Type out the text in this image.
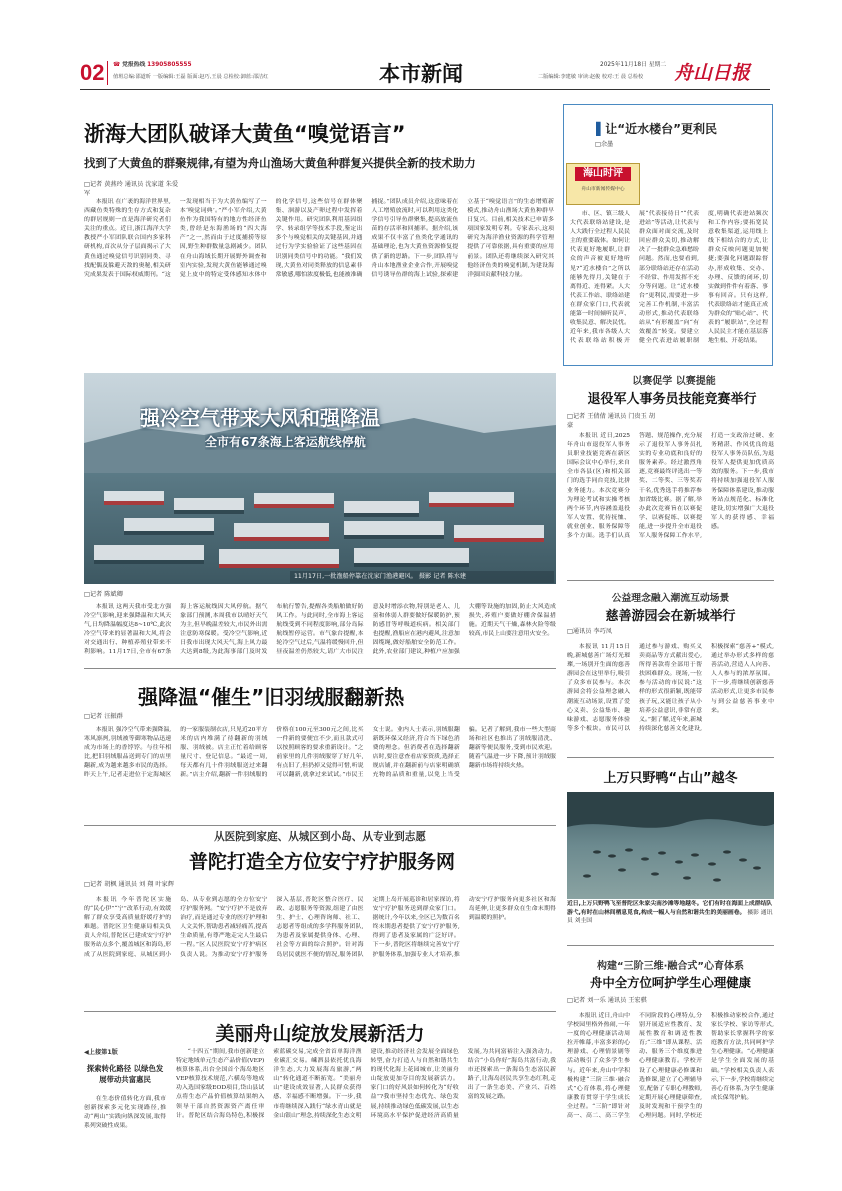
02 ☎ 党报热线 13905805555
值班总编:邵道昕 一版编辑:王磊 版面:赵巧,王晨 总检校:卸蓝:邵洁红	本市新闻	2025年11月18日 星期二
二版编辑:李建敏 审读:赵俊 校对:王 晨 总检校	舟山日报
浙海大团队破译大黄鱼“嗅觉语言”
找到了大黄鱼的群聚规律,有望为舟山渔场大黄鱼种群复兴提供全新的技术助力
□记者 黄燕玲 通讯员 沈家道 朱爱军

本报讯 在广袤的海洋世界里,西藏鱼类特殊的生存方式和复杂的群居规则一直是海洋研究者们关注的重点。近日,浙江海洋大学教授严小军团队联合国内多家科研机构,首次从分子层面揭示了大黄鱼通过嗅觉信号识别同类、寻找配偶及躲避天敌的奥秘,相关研究成果发表于国际权威期刊。“这一发现相当于为大黄鱼编写了一本‘嗅觉词典’。”严小军介绍,大黄鱼作为我国特有的地方性经济鱼类,曾经是东海渔场的“四大海产”之一,然而由于过度捕捞等原因,野生种群数量急剧减少。团队在舟山海域长期开展野外调查和室内实验,发现大黄鱼能够通过嗅觉上皮中的特定受体感知水体中的化学信号,这些信号在群体聚集、洄游以及产卵过程中发挥着关键作用。研究团队利用基因组学、转录组学等技术手段,鉴定出多个与嗅觉相关的关键基因,并通过行为学实验验证了这些基因在识别同类信号中的功能。“我们发现,大黄鱼对同类释放的信息素非常敏感,哪怕浓度极低,也能被准确捕捉。”团队成员介绍,这意味着在人工增殖放流时,可以利用这类化学信号引导鱼群聚集,提高放流鱼苗的存活率和回捕率。据介绍,该成果不仅丰富了鱼类化学通讯的基础理论,也为大黄鱼资源修复提供了新的思路。下一步,团队将与舟山本地渔业企业合作,开展嗅觉信号诱导鱼群的海上试验,探索建立基于“嗅觉语言”的生态增殖新模式,推动舟山渔场大黄鱼种群早日复兴。目前,相关技术已申请多项国家发明专利。专家表示,这项研究为海洋渔业资源的科学管理提供了可靠依据,具有重要的应用前景。团队还将继续深入研究其他经济鱼类的嗅觉机制,为建设海洋强国贡献科技力量。

▌让“近水楼台”更利民
□余墨
海山时评
舟山市新闻传媒中心

市、区、镇三级人大代表联络站建设,是人大践行全过程人民民主的重要载体。如何让代表更好地履职,让群众的声音被更好地听见?“近水楼台”之所以能够先得月,关键在于离得近、连得紧。人大代表工作站、联络站建在群众家门口,代表就能第一时间倾听民声、收集民意、解决民忧。近年来,我市各级人大代表联络站积极开展“代表接待日”“代表进站”等活动,让代表与群众面对面交流,及时回应群众关切,推动解决了一批群众急难愁盼问题。然而,也要看到,部分联络站还存在活动不经常、作用发挥不充分等问题。让“近水楼台”更利民,需要进一步完善工作机制,丰富活动形式,推动代表联络站从“有形覆盖”向“有效覆盖”转变。要建立健全代表进站履职制度,明确代表进站频次和工作内容;要拓宽民意收集渠道,运用线上线下相结合的方式,让群众反映问题更加便捷;要强化问题跟踪督办,形成收集、交办、办理、反馈的闭环,切实做到件件有着落、事事有回音。只有这样,代表联络站才能真正成为群众的“贴心站”、代表的“履职站”,全过程人民民主才能在基层落地生根、开花结果。

强冷空气带来大风和强降温
全市有67条海上客运航线停航
11月17日,一批渔船停靠在沈家门渔港避风。 摄影 记者 陈水建
□记者 陈斌卿

本报讯 这两天我市受北方强冷空气影响,迎来强降温和大风天气,日均降温幅度达8~10℃,此次冷空气带来的显著温和大风,将会对交通出行、种植养殖业带来不利影响。11月17日,全市有67条海上客运航线因大风停航。据气象部门预测,本周我市以晴好天气为主,但早晚温差较大,市民外出需注意防寒保暖。受冷空气影响,近日我市出现大风天气,海上风力最大达到8级,为此海事部门及时发布航行警告,提醒各类船舶做好防风工作。与此同时,全市海上客运航线受到不同程度影响,部分岛际航线暂停运营。市气象台提醒,本轮冷空气过后,气温将缓慢回升,但昼夜温差仍然较大,请广大市民注意及时增添衣物,特别是老人、儿童和体弱人群要做好保暖防护,预防感冒等呼吸道疾病。相关部门也提醒,渔船应在港内避风,注意加固缆绳,做好船舶安全防范工作。此外,农业部门建议,种植户应加强大棚等设施的加固,防止大风造成损失,养殖户要做好棚舍保温措施。近期天气干燥,森林火险等级较高,市民上山要注意用火安全。

以赛促学 以赛提能
退役军人事务员技能竞赛举行
□记者 王倩倩 通讯员 门贵玉 胡豪

本报讯 近日,2025年舟山市退役军人事务员职业技能竞赛在新区国际会议中心举行,来自全市各县(区)和相关部门的选手同台竞技,比拼业务能力。本次竞赛分为理论考试和实操考核两个环节,内容涵盖退役军人安置、优待抚恤、就业创业、服务保障等多个方面。选手们认真答题、规范操作,充分展示了退役军人事务员扎实的专业功底和良好的服务素养。经过激烈角逐,竞赛最终评选出一等奖、二等奖、三等奖若干名,优秀选手将推荐参加省级比赛。据了解,举办此次竞赛旨在以赛促学、以赛促练、以赛提能,进一步提升全市退役军人服务保障工作水平,打造一支政治过硬、业务精湛、作风优良的退役军人事务员队伍,为退役军人提供更加优质高效的服务。下一步,我市将持续加强退役军人服务保障体系建设,推动服务站点规范化、标准化建设,切实增强广大退役军人的获得感、幸福感。

公益理念融入潮流互动场景
慈善游园会在新城举行
□通讯员 李巧凤

本报讯 11月15日晚,新城慈善广场灯光璀璨,一场别开生面的慈善游园会在这里举行,吸引了众多市民参与。本次游园会将公益理念融入潮流互动场景,设置了爱心义卖、公益集市、趣味游戏、志愿服务体验等多个板块。市民可以通过参与游戏、购买义卖商品等方式献出爱心,所得善款将全部用于帮扶困难群众。现场,一位参与活动的市民说:“这样的形式很新颖,既能带孩子玩,又能让孩子从小培养公益意识,非常有意义。”据了解,近年来,新城持续深化慈善文化建设,积极探索“慈善+”模式,通过举办形式多样的慈善活动,营造人人向善、人人参与的浓厚氛围。下一步,将继续创新慈善活动形式,让更多市民参与到公益慈善事业中来。

强降温“催生”旧羽绒服翻新热
□记者 汪振群

本报讯 强冷空气带来强降温,寒风凛冽,羽绒被等御寒物品迅速成为市场上的香饽饽。与往年相比,把旧羽绒服品送到专门的店里翻新,成为越来越多市民的选择。昨天上午,记者走进位于定海城区的一家服装制衣店,只见近20平方米的店内堆满了待翻新的羽绒服、羽绒被。店主正忙着给顾客量尺寸、登记信息。“最近一周,每天都有几十件羽绒服送过来翻新。”店主介绍,翻新一件羽绒服的价格在100元至300元之间,比买一件新的要便宜不少,而且款式可以按照顾客的要求重新设计。“之前家里的几件羽绒服穿了好几年,有点旧了,但扔掉又觉得可惜,听说可以翻新,就拿过来试试。”市民王女士说。业内人士表示,羽绒服翻新既环保又经济,符合当下绿色消费的理念。但消费者在选择翻新店时,要注意查看店家资质,选择正规店铺,并在翻新前与店家明确填充物的品质和重量,以免上当受骗。记者了解到,我市一些大型商场和社区也推出了羽绒服清洗、翻新等便民服务,受到市民欢迎。随着气温进一步下降,预计羽绒服翻新市场将持续火热。

上万只野鸭“占山”越冬
近日,上万只野鸭飞至普陀区朱家尖南沙滩等地越冬。它们有时在海面上成群结队游弋,有时在山林间栖息觅食,构成一幅人与自然和谐共生的美丽画卷。 摄影 通讯员 刘圭国
从医院到家庭、从城区到小岛、从专业到志愿
普陀打造全方位安宁疗护服务网
□记者 胡枫 通讯员 刘 翔 叶家辉

本报讯 今年普陀区实施的“民心伊”“宁”改革行动,有效缓解了群众享受高质量舒缓疗护的难题。普陀区卫生健康局相关负责人介绍,普陀区已建成安宁疗护服务站点多个,覆盖城区和海岛,形成了从医院到家庭、从城区到小岛、从专业到志愿的全方位安宁疗护服务网。“安宁疗护不是放弃治疗,而是通过专业的医疗护理和人文关怀,帮助患者减轻痛苦,提高生命质量,有尊严地走完人生最后一程。”区人民医院安宁疗护病区负责人说。为推动安宁疗护服务深入基层,普陀区整合医疗、民政、志愿服务等资源,组建了由医生、护士、心理咨询师、社工、志愿者等组成的多学科服务团队,为患者及家属提供身体、心理、社会等方面的综合照护。针对海岛居民就医不便的情况,服务团队定期上岛开展巡诊和居家探访,将安宁疗护服务送到群众家门口。据统计,今年以来,全区已为数百名终末期患者提供了安宁疗护服务,得到了患者及家属的广泛好评。下一步,普陀区将继续完善安宁疗护服务体系,加强专业人才培养,推动安宁疗护服务向更多社区和海岛延伸,让更多群众在生命末期得到温暖的照护。

构建“三阶三维·融合式”心育体系
舟中全方位呵护学生心理健康
□记者 刘一乐 通讯员 王宏骐

本报讯 近日,舟山中学校园里格外热闹,一年一度的心理健康活动周拉开帷幕,丰富多彩的心理游戏、心理情景剧等活动吸引了众多学生参与。近年来,舟山中学积极构建“三阶三维·融合式”心育体系,将心理健康教育贯穿于学生成长全过程。“三阶”即针对高一、高二、高三学生不同阶段的心理特点,分别开展适应性教育、发展性教育和调适性教育;“三维”即从课程、活动、服务三个维度推进心理健康教育。学校开设了心理健康必修课和选修课,建立了心理辅导室,配备了专职心理教师,定期开展心理健康筛查,及时发现和干预学生的心理问题。同时,学校还积极推动家校合作,通过家长学校、家访等形式,帮助家长掌握科学的家庭教育方法,共同呵护学生心理健康。“心理健康是学生全面发展的基础。”学校相关负责人表示,下一步,学校将继续完善心育体系,为学生健康成长保驾护航。

美丽舟山绽放发展新活力
◀上接第1版
探索转化路径 以绿色发展带动共富惠民

在生态价值转化方面,我市创新探索多元化实现路径,推动“两山”实践向纵深发展,取得系列突破性成果。

“十四五”期间,我市创新建立特定地域单元生态产品价值(VEP)核算体系,出台全国首个海岛地区VEP核算技术规范,六横岛等地成功入选国家级EOD项目,岱山县试点将生态产品价值核算结果纳入领导干部自然资源资产离任审计。普陀区结合海岛特色,积极探索蓝碳交易,完成全省首单海洋渔业碳汇交易。嵊泗县依托优良海洋生态,大力发展海岛旅游,“两山”转化通道不断拓宽。“美丽舟山”建设成效显著,人民群众获得感、幸福感不断增强。下一步,我市将继续深入践行“绿水青山就是金山银山”理念,持续深化生态文明建设,推动经济社会发展全面绿色转型,奋力打造人与自然和谐共生的现代化海上花园城市,让美丽舟山绽放更加夺目的发展新活力。家门口的好风景如何转化为“好收益”?我市坚持生态优先、绿色发展,持续推动绿色低碳发展,以生态环境高水平保护促进经济高质量发展,为共同富裕注入强劲动力。结合“小岛你好”海岛共富行动,我市还探索出一条海岛生态富民新路子,让海岛居民共享生态红利,走出了一条生态美、产业兴、百姓富的发展之路。
